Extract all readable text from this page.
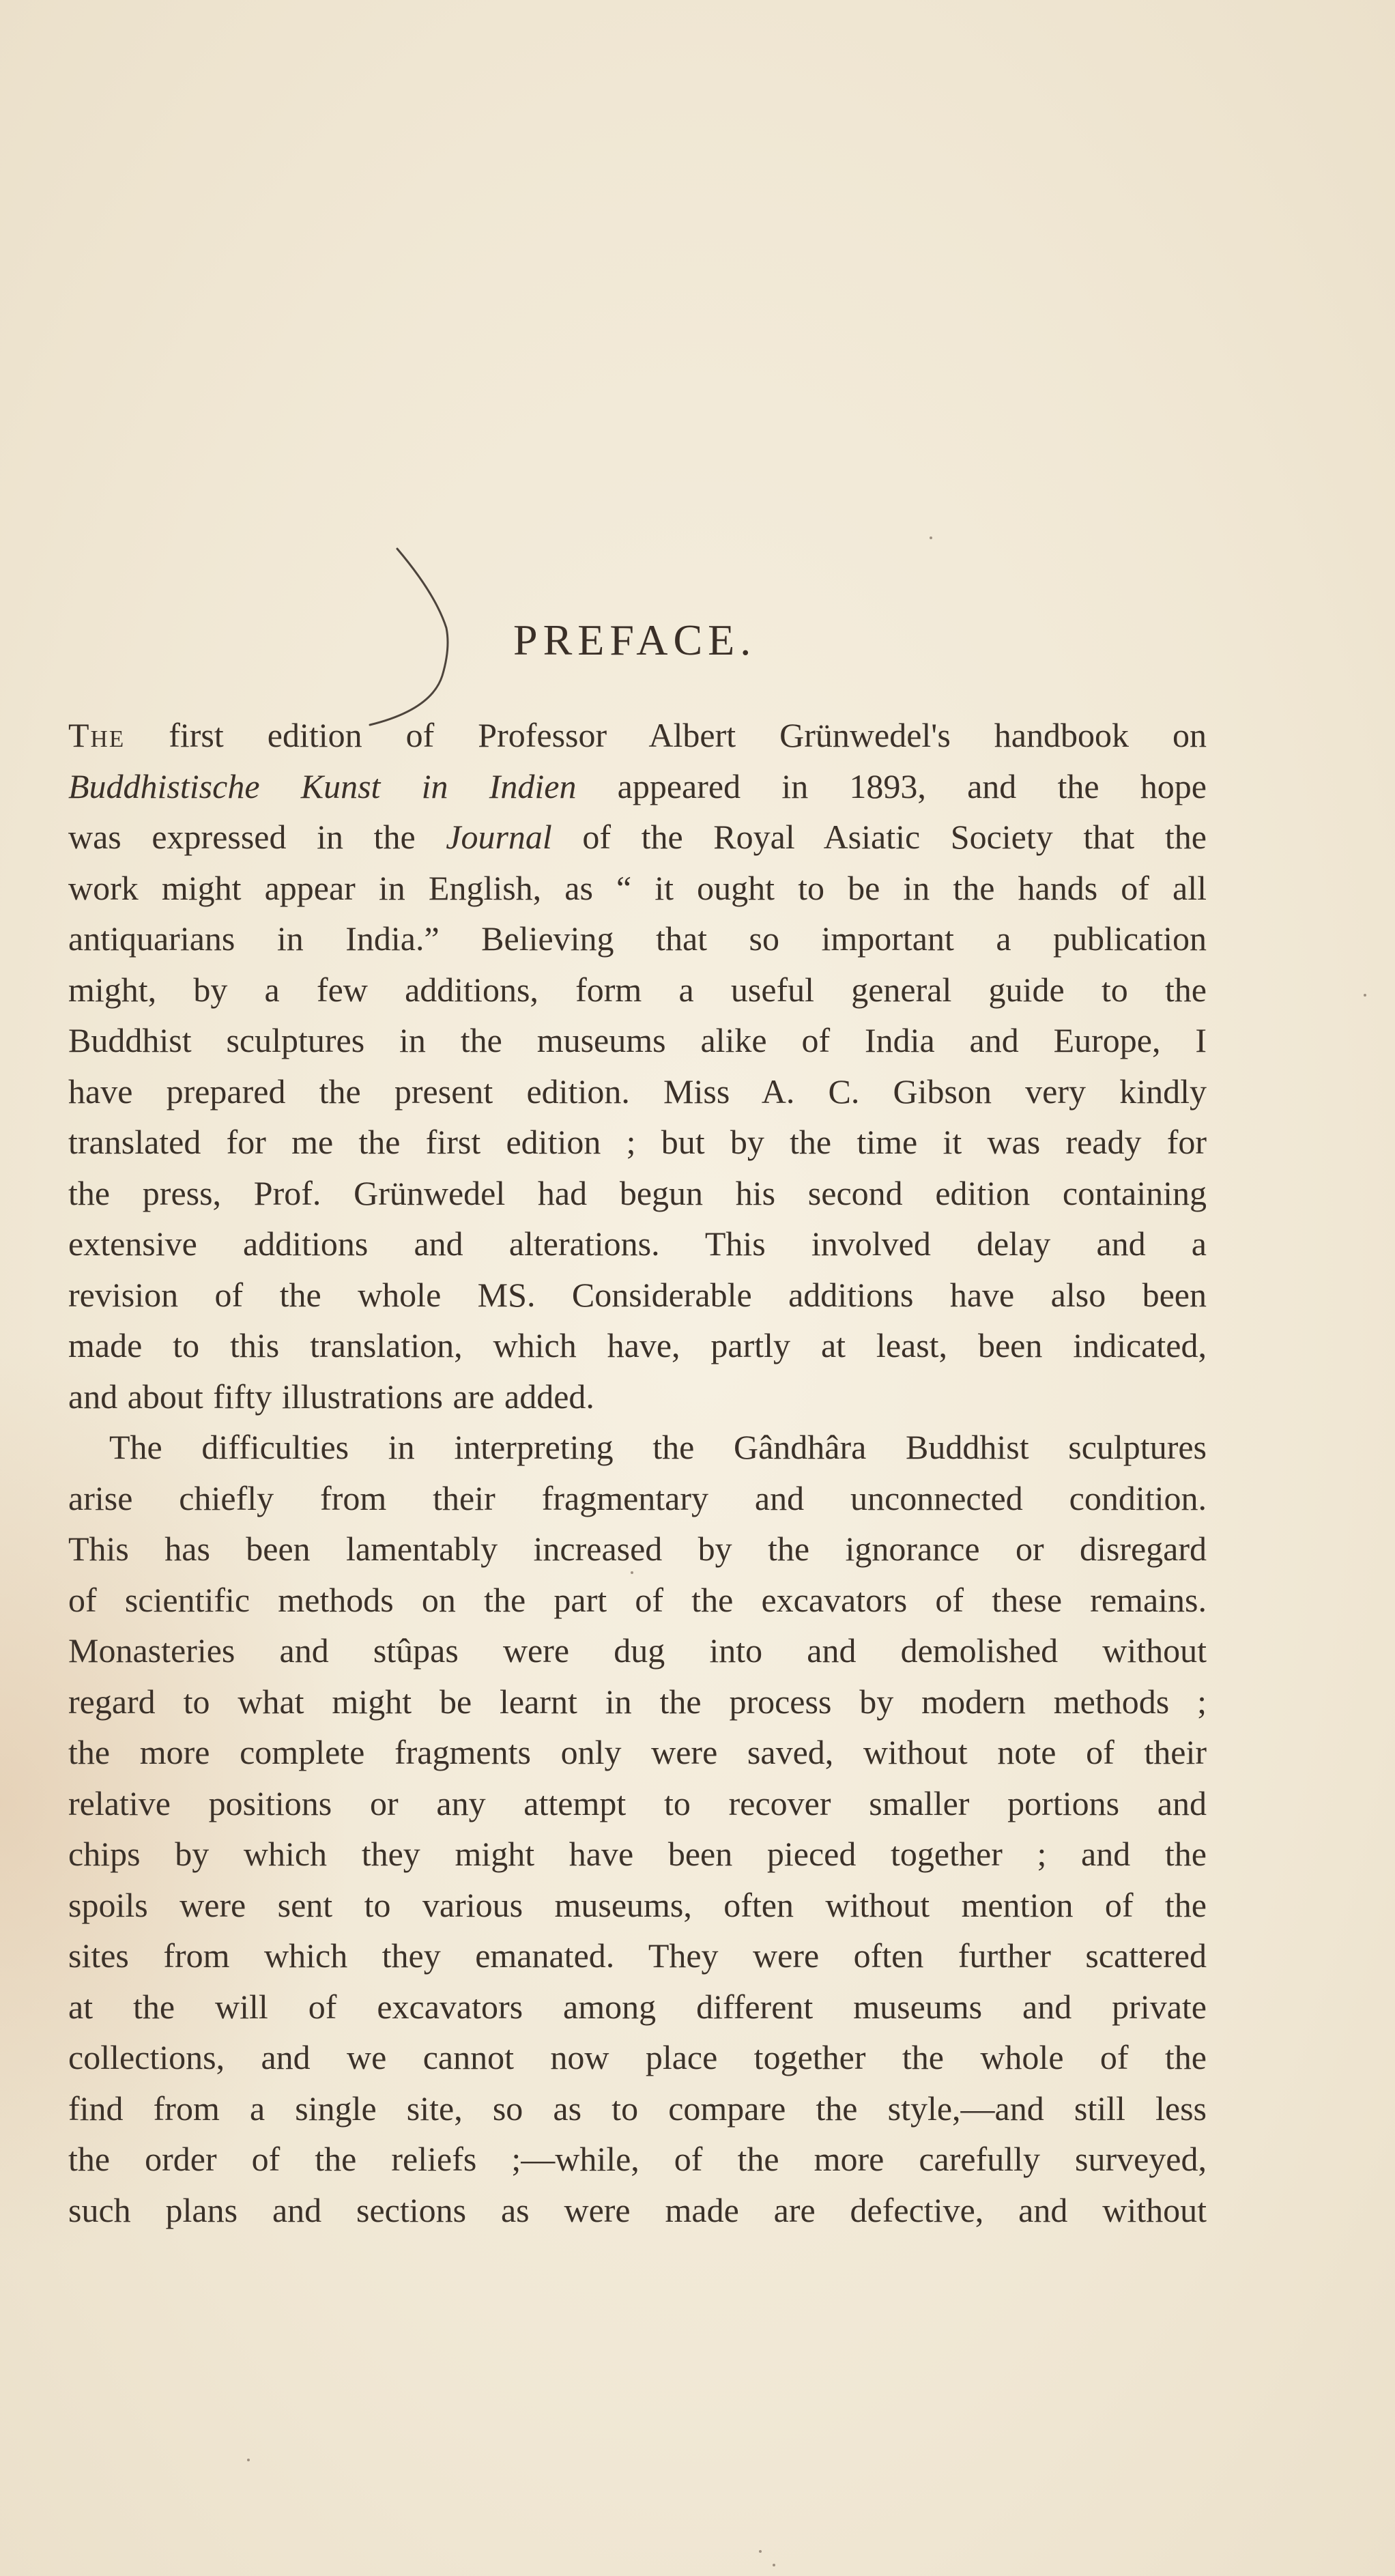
PREFACE.
The first edition of Professor Albert Grünwedel's handbook on
Buddhistische Kunst in Indien appeared in 1893, and the hope
was expressed in the Journal of the Royal Asiatic Society that the
work might appear in English, as “ it ought to be in the hands of all
antiquarians in India.” Believing that so important a publication
might, by a few additions, form a useful general guide to the
Buddhist sculptures in the museums alike of India and Europe, I
have prepared the present edition. Miss A. C. Gibson very kindly
translated for me the first edition ; but by the time it was ready for
the press, Prof. Grünwedel had begun his second edition containing
extensive additions and alterations. This involved delay and a
revision of the whole MS. Considerable additions have also been
made to this translation, which have, partly at least, been indicated,
and about fifty illustrations are added.
The difficulties in interpreting the Gândhâra Buddhist sculptures
arise chiefly from their fragmentary and unconnected condition.
This has been lamentably increased by the ignorance or disregard
of scientific methods on the part of the excavators of these remains.
Monasteries and stûpas were dug into and demolished without
regard to what might be learnt in the process by modern methods ;
the more complete fragments only were saved, without note of their
relative positions or any attempt to recover smaller portions and
chips by which they might have been pieced together ; and the
spoils were sent to various museums, often without mention of the
sites from which they emanated. They were often further scattered
at the will of excavators among different museums and private
collections, and we cannot now place together the whole of the
find from a single site, so as to compare the style,—and still less
the order of the reliefs ;—while, of the more carefully surveyed,
such plans and sections as were made are defective, and without
